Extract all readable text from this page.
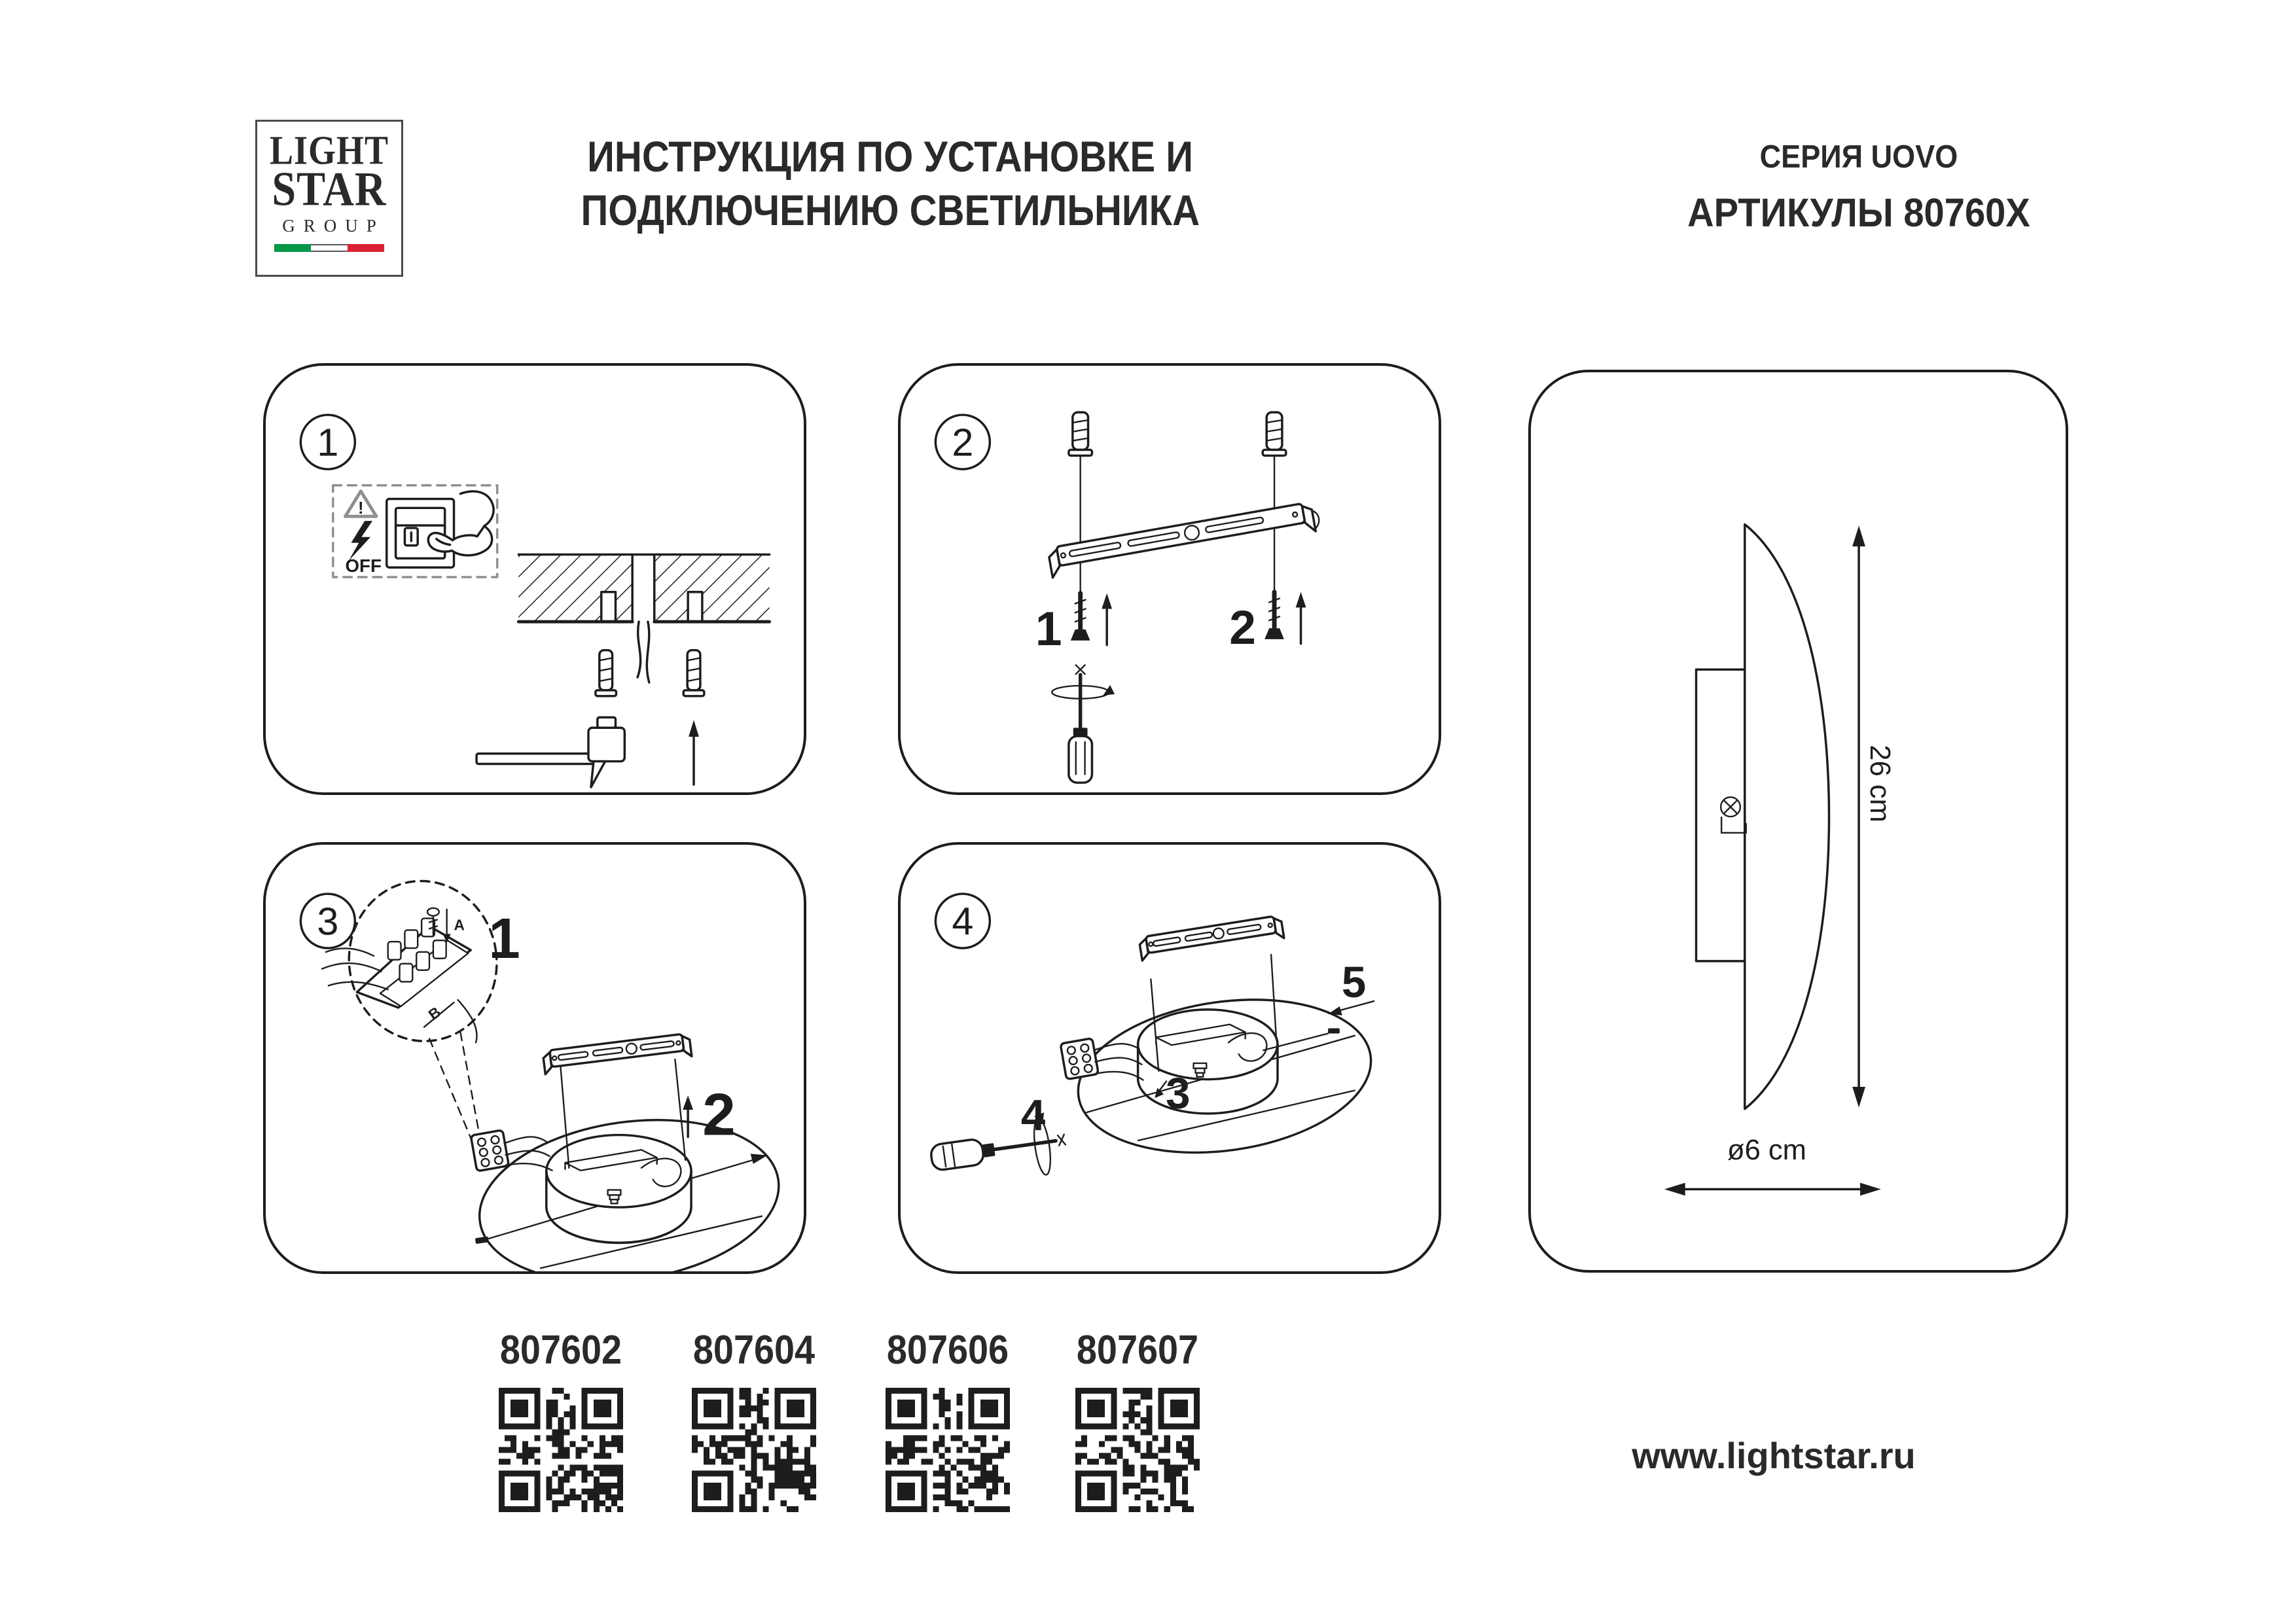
LIGHT
STAR
GROUP
ИНСТРУКЦИЯ ПО УСТАНОВКЕ И
ПОДКЛЮЧЕНИЮ СВЕТИЛЬНИКА
СЕРИЯ UOVO
АРТИКУЛЫ 80760Х
1
!
OFF
2
1	2
3	A
B
1
2
4
4	3
5
26 cm
ø6 cm
807602	807604	807606	807607
www.lightstar.ru
